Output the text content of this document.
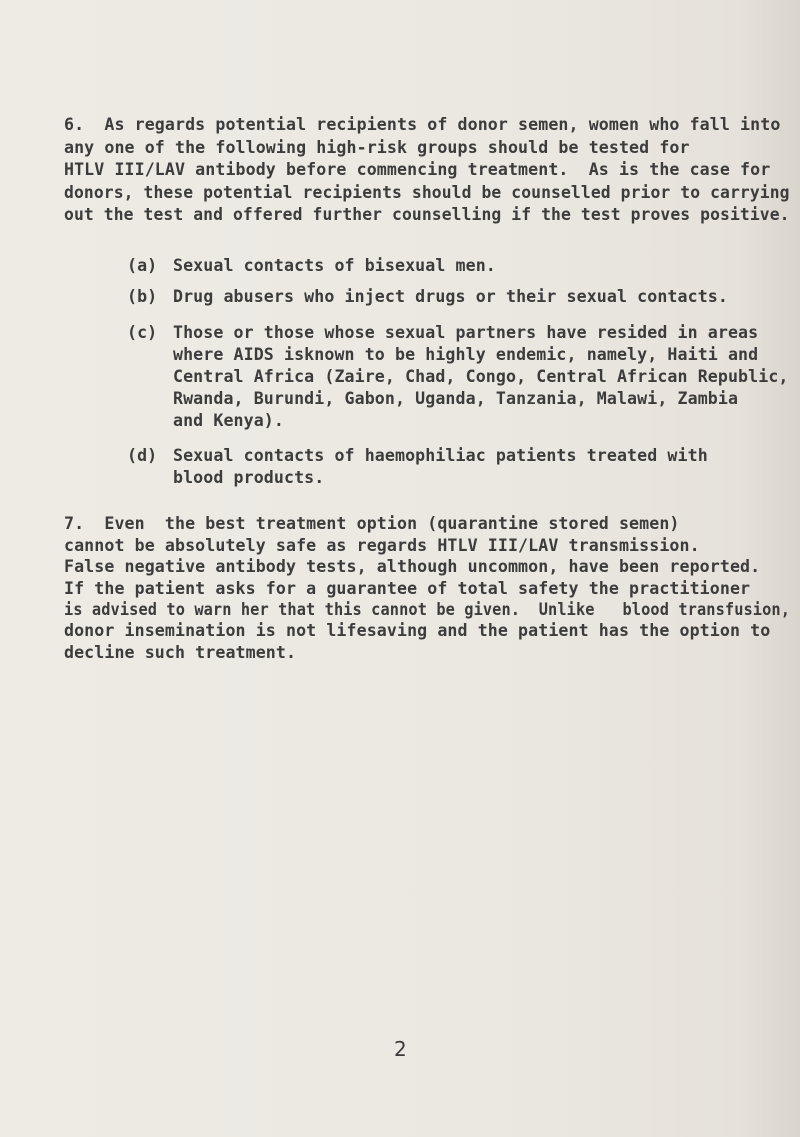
6.  As regards potential recipients of donor semen, women who fall into

any one of the following high-risk groups should be tested for

HTLV III/LAV antibody before commencing treatment.  As is the case for

donors, these potential recipients should be counselled prior to carrying

out the test and offered further counselling if the test proves positive.

(a)

Sexual contacts of bisexual men.

(b)

Drug abusers who inject drugs or their sexual contacts.

(c)

Those or those whose sexual partners have resided in areas

where AIDS isknown to be highly endemic, namely, Haiti and

Central Africa (Zaire, Chad, Congo, Central African Republic,

Rwanda, Burundi, Gabon, Uganda, Tanzania, Malawi, Zambia

and Kenya).

(d)

Sexual contacts of haemophiliac patients treated with

blood products.

7.  Even  the best treatment option (quarantine stored semen)

cannot be absolutely safe as regards HTLV III/LAV transmission.

False negative antibody tests, although uncommon, have been reported.

If the patient asks for a guarantee of total safety the practitioner

is advised to warn her that this cannot be given.  Unlike   blood transfusion,

donor insemination is not lifesaving and the patient has the option to

decline such treatment.

2
